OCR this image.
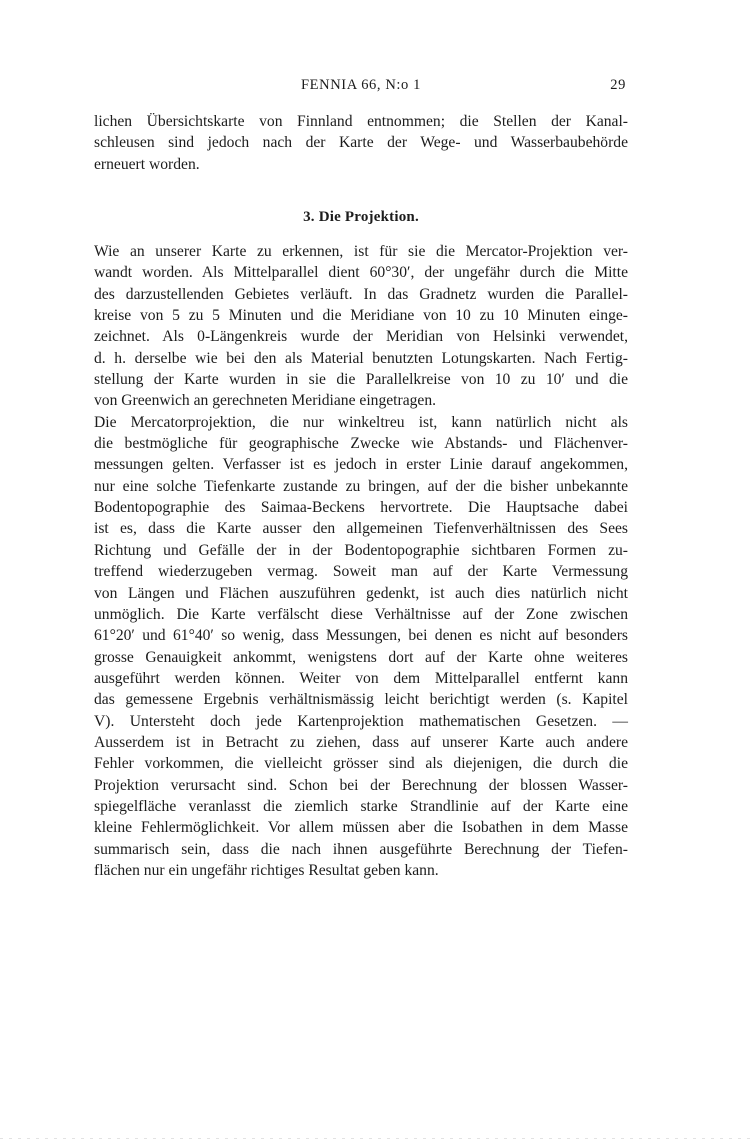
FENNIA 66, N:o 1	29

lichen Übersichtskarte von Finnland entnommen; die Stellen der Kanal-
schleusen sind jedoch nach der Karte der Wege- und Wasserbaubehörde
erneuert worden.

3. Die Projektion.

Wie an unserer Karte zu erkennen, ist für sie die Mercator-Projektion ver-
wandt worden. Als Mittelparallel dient 60°30′, der ungefähr durch die Mitte
des darzustellenden Gebietes verläuft. In das Gradnetz wurden die Parallel-
kreise von 5 zu 5 Minuten und die Meridiane von 10 zu 10 Minuten einge-
zeichnet. Als 0-Längenkreis wurde der Meridian von Helsinki verwendet,
d. h. derselbe wie bei den als Material benutzten Lotungskarten. Nach Fertig-
stellung der Karte wurden in sie die Parallelkreise von 10 zu 10′ und die
von Greenwich an gerechneten Meridiane eingetragen.

Die Mercatorprojektion, die nur winkeltreu ist, kann natürlich nicht als
die bestmögliche für geographische Zwecke wie Abstands- und Flächenver-
messungen gelten. Verfasser ist es jedoch in erster Linie darauf angekommen,
nur eine solche Tiefenkarte zustande zu bringen, auf der die bisher unbekannte
Bodentopographie des Saimaa-Beckens hervortrete. Die Hauptsache dabei
ist es, dass die Karte ausser den allgemeinen Tiefenverhältnissen des Sees
Richtung und Gefälle der in der Bodentopographie sichtbaren Formen zu-
treffend wiederzugeben vermag. Soweit man auf der Karte Vermessung
von Längen und Flächen auszuführen gedenkt, ist auch dies natürlich nicht
unmöglich. Die Karte verfälscht diese Verhältnisse auf der Zone zwischen
61°20′ und 61°40′ so wenig, dass Messungen, bei denen es nicht auf besonders
grosse Genauigkeit ankommt, wenigstens dort auf der Karte ohne weiteres
ausgeführt werden können. Weiter von dem Mittelparallel entfernt kann
das gemessene Ergebnis verhältnismässig leicht berichtigt werden (s. Kapitel
V). Untersteht doch jede Kartenprojektion mathematischen Gesetzen. —
Ausserdem ist in Betracht zu ziehen, dass auf unserer Karte auch andere
Fehler vorkommen, die vielleicht grösser sind als diejenigen, die durch die
Projektion verursacht sind. Schon bei der Berechnung der blossen Wasser-
spiegelfläche veranlasst die ziemlich starke Strandlinie auf der Karte eine
kleine Fehlermöglichkeit. Vor allem müssen aber die Isobathen in dem Masse
summarisch sein, dass die nach ihnen ausgeführte Berechnung der Tiefen-
flächen nur ein ungefähr richtiges Resultat geben kann.
